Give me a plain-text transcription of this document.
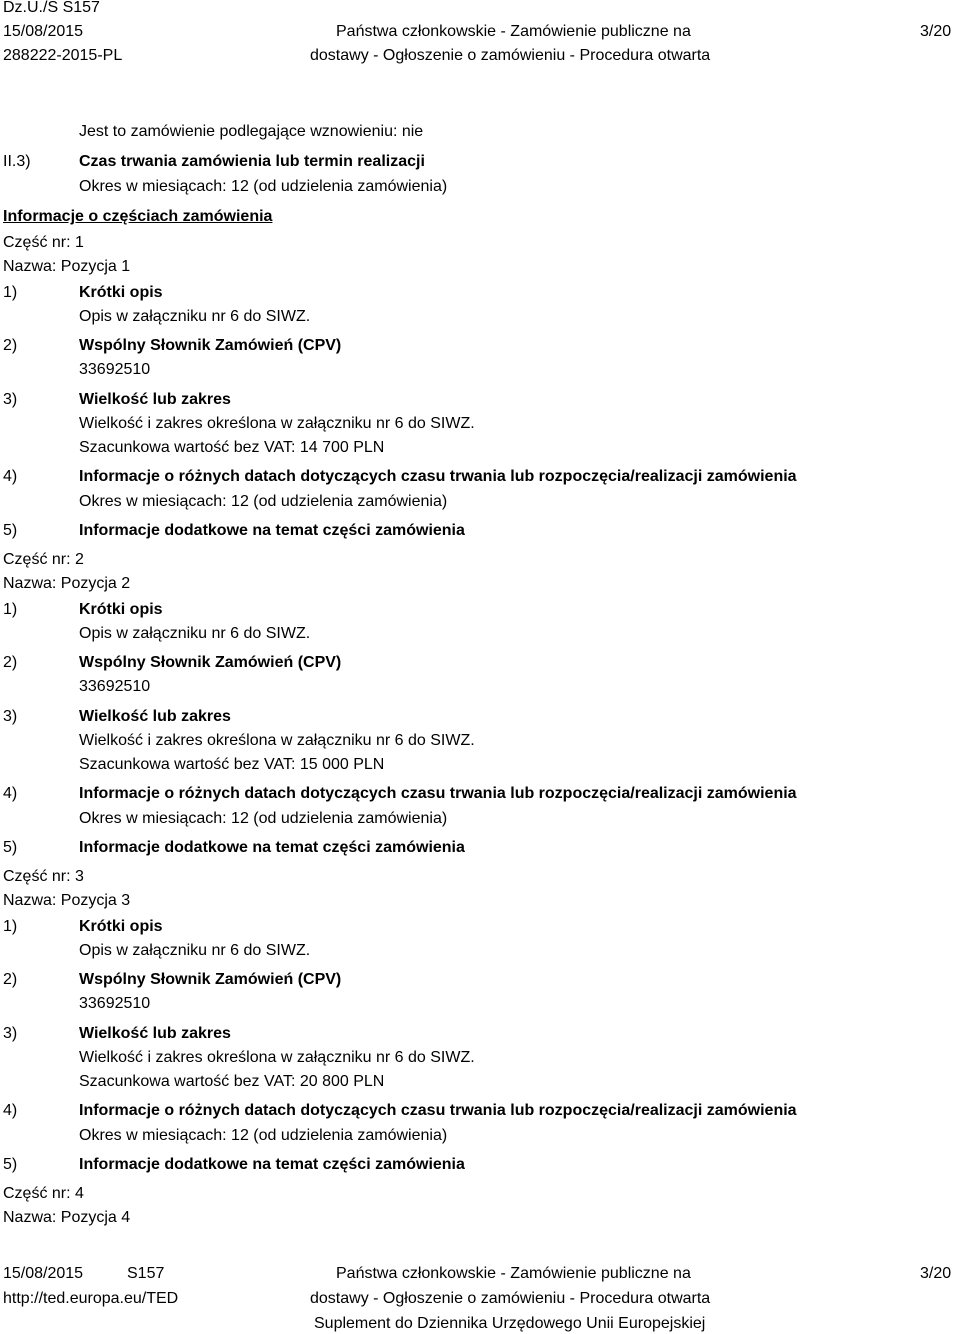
Dz.U./S S157
15/08/2015
288222-2015-PL
Państwa członkowskie - Zamówienie publiczne na
dostawy - Ogłoszenie o zamówieniu - Procedura otwarta
3/20
Jest to zamówienie podlegające wznowieniu: nie
II.3)	Czas trwania zamówienia lub termin realizacji
Okres w miesiącach: 12 (od udzielenia zamówienia)
Informacje o częściach zamówienia
Część nr: 1
Nazwa: Pozycja 1
1)	Krótki opis
Opis w załączniku nr 6 do SIWZ.
2)	Wspólny Słownik Zamówień (CPV)
33692510
3)	Wielkość lub zakres
Wielkość i zakres określona w załączniku nr 6 do SIWZ.
Szacunkowa wartość bez VAT: 14 700 PLN
4)	Informacje o różnych datach dotyczących czasu trwania lub rozpoczęcia/realizacji zamówienia
Okres w miesiącach: 12 (od udzielenia zamówienia)
5)	Informacje dodatkowe na temat części zamówienia
Część nr: 2
Nazwa: Pozycja 2
1)	Krótki opis
Opis w załączniku nr 6 do SIWZ.
2)	Wspólny Słownik Zamówień (CPV)
33692510
3)	Wielkość lub zakres
Wielkość i zakres określona w załączniku nr 6 do SIWZ.
Szacunkowa wartość bez VAT: 15 000 PLN
4)	Informacje o różnych datach dotyczących czasu trwania lub rozpoczęcia/realizacji zamówienia
Okres w miesiącach: 12 (od udzielenia zamówienia)
5)	Informacje dodatkowe na temat części zamówienia
Część nr: 3
Nazwa: Pozycja 3
1)	Krótki opis
Opis w załączniku nr 6 do SIWZ.
2)	Wspólny Słownik Zamówień (CPV)
33692510
3)	Wielkość lub zakres
Wielkość i zakres określona w załączniku nr 6 do SIWZ.
Szacunkowa wartość bez VAT: 20 800 PLN
4)	Informacje o różnych datach dotyczących czasu trwania lub rozpoczęcia/realizacji zamówienia
Okres w miesiącach: 12 (od udzielenia zamówienia)
5)	Informacje dodatkowe na temat części zamówienia
Część nr: 4
Nazwa: Pozycja 4
15/08/2015	S157
http://ted.europa.eu/TED
Państwa członkowskie - Zamówienie publiczne na
dostawy - Ogłoszenie o zamówieniu - Procedura otwarta
Suplement do Dziennika Urzędowego Unii Europejskiej
3/20
